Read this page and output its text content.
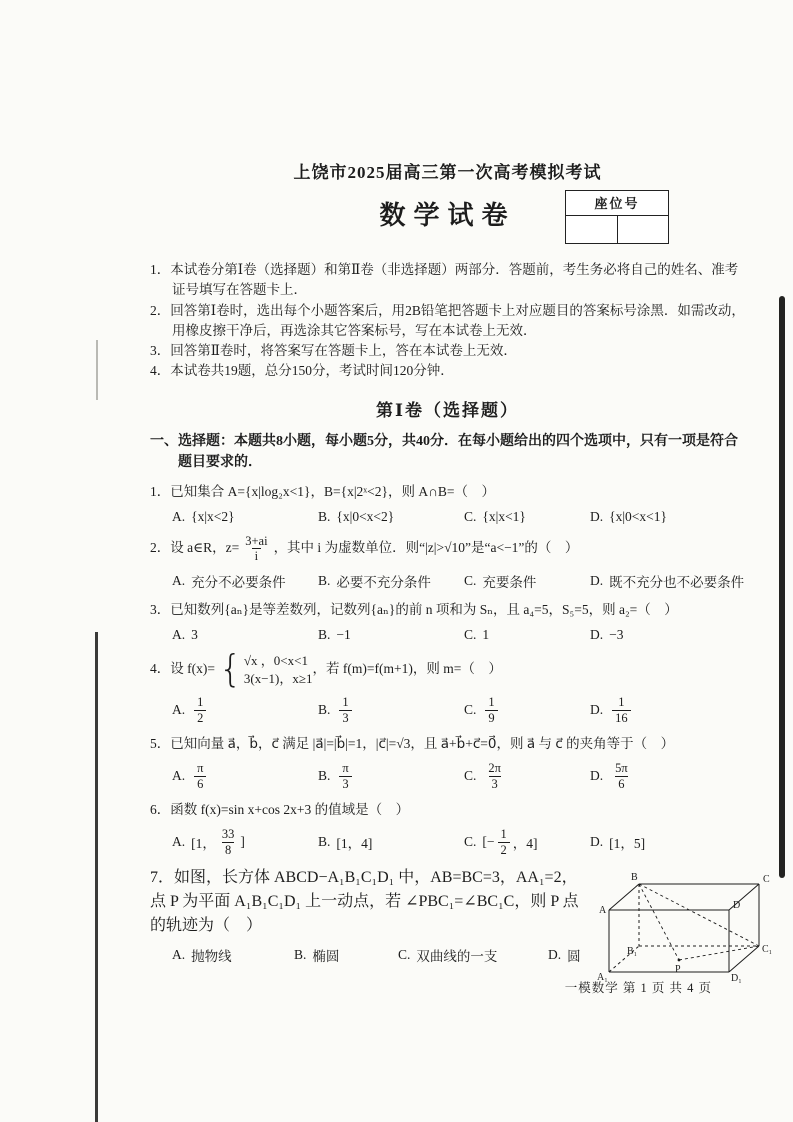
座位号
上饶市2025届高三第一次高考模拟考试
数学试卷
1．本试卷分第Ⅰ卷（选择题）和第Ⅱ卷（非选择题）两部分．答题前，考生务必将自己的姓名、准考证号填写在答题卡上．
2．回答第Ⅰ卷时，选出每个小题答案后，用2B铅笔把答题卡上对应题目的答案标号涂黑．如需改动，用橡皮擦干净后，再选涂其它答案标号，写在本试卷上无效．
3．回答第Ⅱ卷时，将答案写在答题卡上，答在本试卷上无效．
4．本试卷共19题，总分150分，考试时间120分钟．
第Ⅰ卷（选择题）
一、选择题：本题共8小题，每小题5分，共40分．在每小题给出的四个选项中，只有一项是符合题目要求的．
1．已知集合 A={x|log₂x<1}，B={x|2ˣ<2}，则 A∩B=（　）
A. {x|x<2}	B. {x|0<x<2}	C. {x|x<1}	D. {x|0<x<1}
2．设 a∈R，$z= \frac{3+ai}{i}$ ，其中 i 为虚数单位．则“|z|>√10”是“a<−1”的（　）
A. 充分不必要条件 B. 必要不充分条件 C. 充要条件	D. 既不充分也不必要条件
3．已知数列{aₙ}是等差数列，记数列{aₙ}的前 n 项和为 Sₙ，且 a₄=5，S₅=5，则 a₂=（　）
A. 3	B. −1	C. 1	D. −3
4．设 f(x)= { √x ，0<x<1
3(x−1)，x≥1
，若 f(m)=f(m+1)，则 m=（　）
A. $\frac{1}{2}$	B. $\frac{1}{3}$	C. $\frac{1}{9}$	D. $\frac{1}{16}$
5．已知向量 a⃗，b⃗，c⃗ 满足 |a⃗|=|b⃗|=1，|c⃗|=√3，且 a⃗+b⃗+c⃗=0⃗，则 a⃗ 与 c⃗ 的夹角等于（　）
A. $\frac{\pi}{6}$	B. $\frac{\pi}{3}$	C. $\frac{2\pi}{3}$	D. $\frac{5\pi}{6}$
6．函数 f(x)=sin x+cos 2x+3 的值域是（　）
A. [1， $\frac{33}{8}$ ]	B. [1，4]	C. [− $\frac{1}{2}$ ，4]	D. [1，5]
7．如图，长方体 ABCD−A₁B₁C₁D₁ 中，AB=BC=3，AA₁=2，点 P 为平面 A₁B₁C₁D₁ 上一动点，若 ∠PBC₁=∠BC₁C，则 P 点的轨迹为（　）
A. 抛物线	B. 椭圆	C. 双曲线的一支	D. 圆
A
B	C
D
A₁
B₁	C₁
D₁
P
一模数学 第 1 页 共 4 页
